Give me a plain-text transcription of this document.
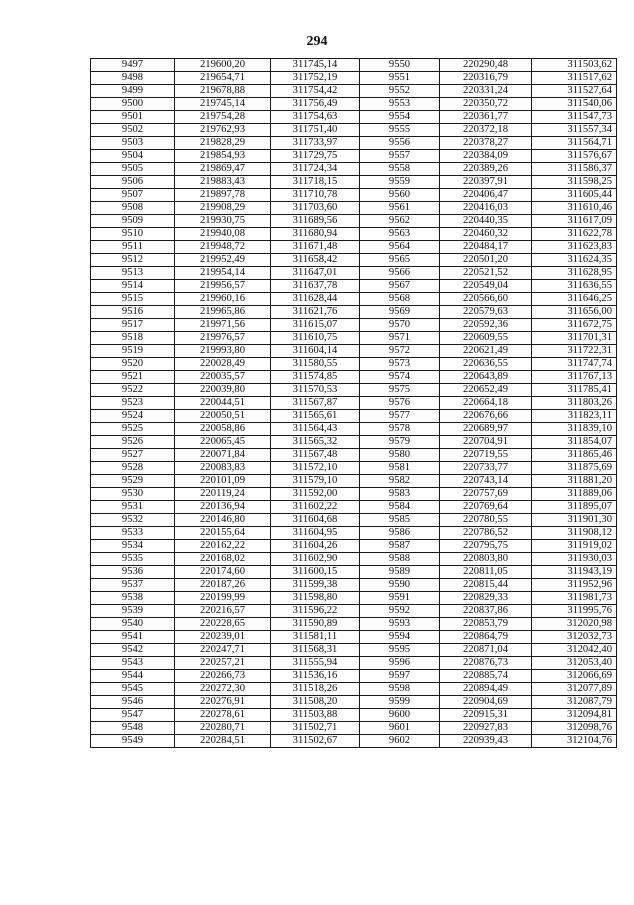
294
9497	219600,20	311745,14	9550	220290,48	311503,62
9498	219654,71	311752,19	9551	220316,79	311517,62
9499	219678,88	311754,42	9552	220331,24	311527,64
9500	219745,14	311756,49	9553	220350,72	311540,06
9501	219754,28	311754,63	9554	220361,77	311547,73
9502	219762,93	311751,40	9555	220372,18	311557,34
9503	219828,29	311733,97	9556	220378,27	311564,71
9504	219854,93	311729,75	9557	220384,09	311576,67
9505	219869,47	311724,34	9558	220389,26	311586,37
9506	219883,43	311718,15	9559	220397,91	311598,25
9507	219897,78	311710,78	9560	220406,47	311605,44
9508	219908,29	311703,60	9561	220416,03	311610,46
9509	219930,75	311689,56	9562	220440,35	311617,09
9510	219940,08	311680,94	9563	220460,32	311622,78
9511	219948,72	311671,48	9564	220484,17	311623,83
9512	219952,49	311658,42	9565	220501,20	311624,35
9513	219954,14	311647,01	9566	220521,52	311628,95
9514	219956,57	311637,78	9567	220549,04	311636,55
9515	219960,16	311628,44	9568	220566,60	311646,25
9516	219965,86	311621,76	9569	220579,63	311656,00
9517	219971,56	311615,07	9570	220592,36	311672,75
9518	219976,57	311610,75	9571	220609,55	311701,31
9519	219993,80	311604,14	9572	220621,49	311722,31
9520	220028,49	311580,55	9573	220636,55	311747,74
9521	220035,57	311574,85	9574	220643,89	311767,13
9522	220039,80	311570,53	9575	220652,49	311785,41
9523	220044,51	311567,87	9576	220664,18	311803,26
9524	220050,51	311565,61	9577	220676,66	311823,11
9525	220058,86	311564,43	9578	220689,97	311839,10
9526	220065,45	311565,32	9579	220704,91	311854,07
9527	220071,84	311567,48	9580	220719,55	311865,46
9528	220083,83	311572,10	9581	220733,77	311875,69
9529	220101,09	311579,10	9582	220743,14	311881,20
9530	220119,24	311592,00	9583	220757,69	311889,06
9531	220136,94	311602,22	9584	220769,64	311895,07
9532	220146,80	311604,68	9585	220780,55	311901,30
9533	220155,64	311604,95	9586	220786,52	311908,12
9534	220162,22	311604,26	9587	220795,75	311919,02
9535	220168,02	311602,90	9588	220803,80	311930,03
9536	220174,60	311600,15	9589	220811,05	311943,19
9537	220187,26	311599,38	9590	220815,44	311952,96
9538	220199,99	311598,80	9591	220829,33	311981,73
9539	220216,57	311596,22	9592	220837,86	311995,76
9540	220228,65	311590,89	9593	220853,79	312020,98
9541	220239,01	311581,11	9594	220864,79	312032,73
9542	220247,71	311568,31	9595	220871,04	312042,40
9543	220257,21	311555,94	9596	220876,73	312053,40
9544	220266,73	311536,16	9597	220885,74	312066,69
9545	220272,30	311518,26	9598	220894,49	312077,89
9546	220276,91	311508,20	9599	220904,69	312087,79
9547	220278,61	311503,88	9600	220915,31	312094,81
9548	220280,71	311502,71	9601	220927,83	312098,76
9549	220284,51	311502,67	9602	220939,43	312104,76
